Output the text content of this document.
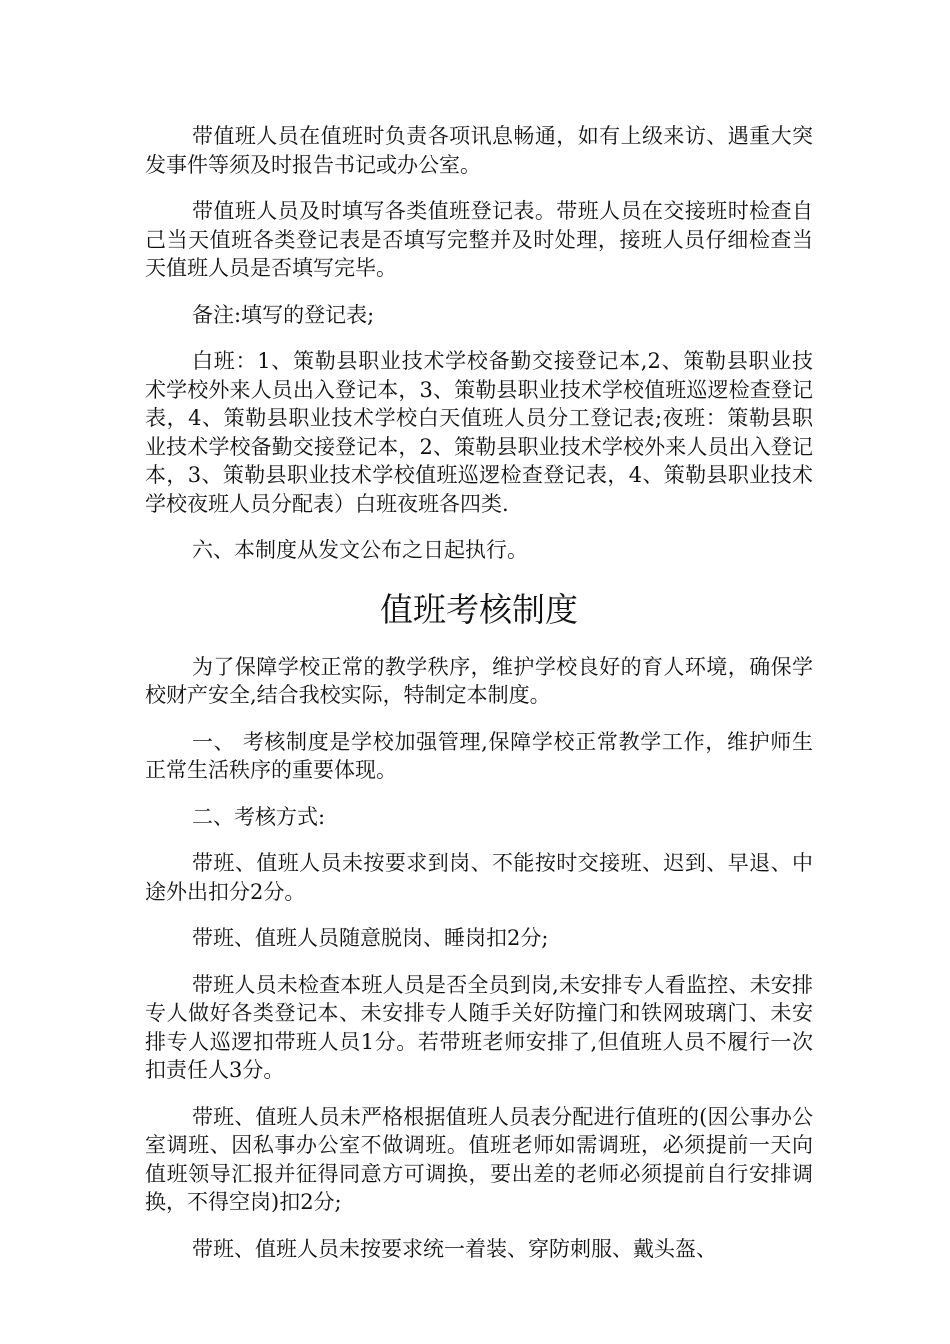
带值班人员在值班时负责各项讯息畅通，如有上级来访、遇重大突发事件等须及时报告书记或办公室。

带值班人员及时填写各类值班登记表。带班人员在交接班时检查自己当天值班各类登记表是否填写完整并及时处理，接班人员仔细检查当天值班人员是否填写完毕。

备注:填写的登记表;

白班：1、策勒县职业技术学校备勤交接登记本,2、策勒县职业技术学校外来人员出入登记本，3、策勒县职业技术学校值班巡逻检查登记表，4、策勒县职业技术学校白天值班人员分工登记表;夜班：策勒县职业技术学校备勤交接登记本，2、策勒县职业技术学校外来人员出入登记本，3、策勒县职业技术学校值班巡逻检查登记表，4、策勒县职业技术学校夜班人员分配表）白班夜班各四类.

六、本制度从发文公布之日起执行。

值班考核制度

为了保障学校正常的教学秩序，维护学校良好的育人环境，确保学校财产安全,结合我校实际，特制定本制度。

一、 考核制度是学校加强管理,保障学校正常教学工作，维护师生正常生活秩序的重要体现。

二、考核方式:

带班、值班人员未按要求到岗、不能按时交接班、迟到、早退、中途外出扣分2分。

带班、值班人员随意脱岗、睡岗扣2分;

带班人员未检查本班人员是否全员到岗,未安排专人看监控、未安排专人做好各类登记本、未安排专人随手关好防撞门和铁网玻璃门、未安排专人巡逻扣带班人员1分。若带班老师安排了,但值班人员不履行一次扣责任人3分。

带班、值班人员未严格根据值班人员表分配进行值班的(因公事办公室调班、因私事办公室不做调班。值班老师如需调班，必须提前一天向值班领导汇报并征得同意方可调换，要出差的老师必须提前自行安排调换，不得空岗)扣2分;

带班、值班人员未按要求统一着装、穿防刺服、戴头盔、
